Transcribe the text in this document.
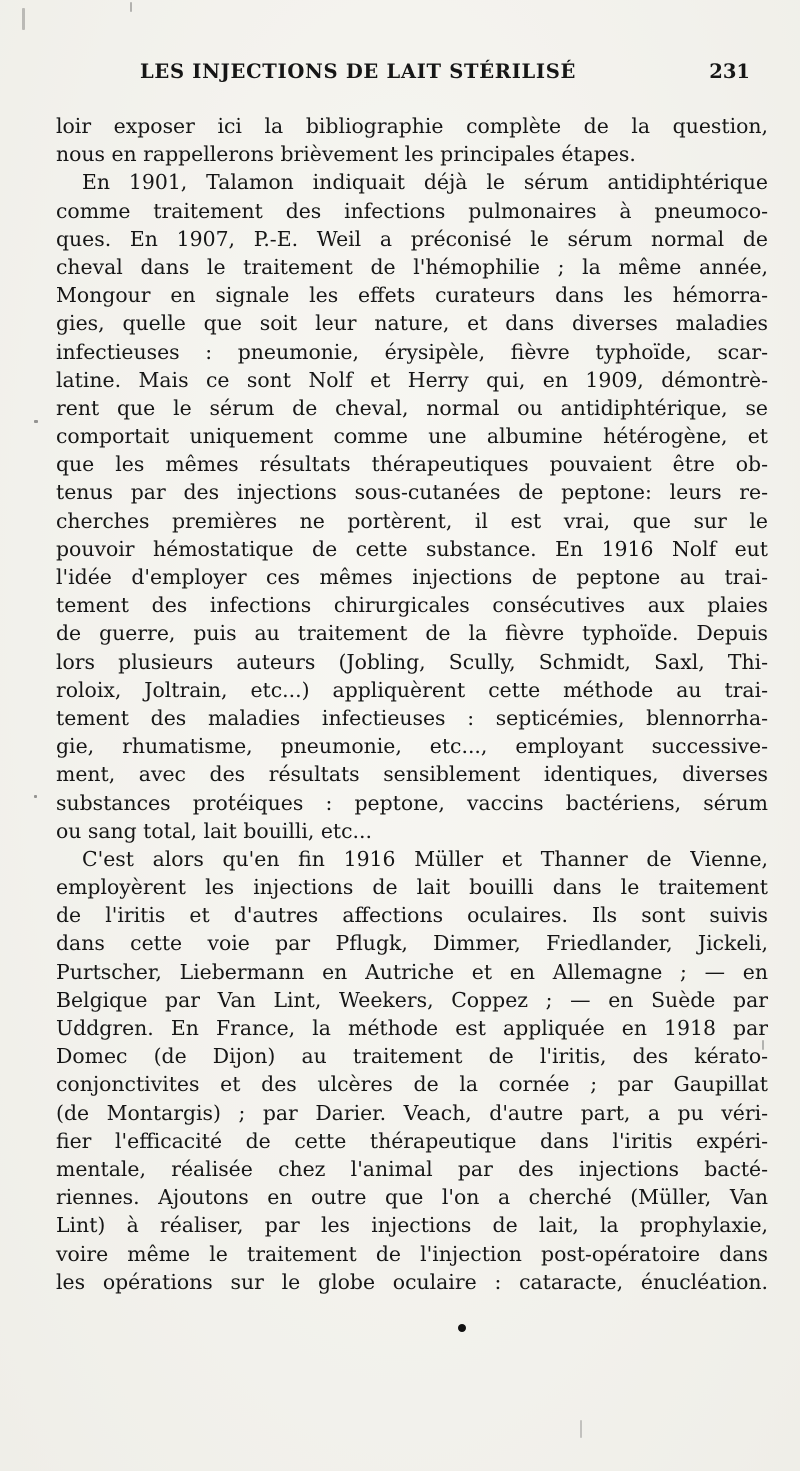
LES INJECTIONS DE LAIT STÉRILISÉ	231
loir exposer ici la bibliographie complète de la question,
nous en rappellerons brièvement les principales étapes.
En 1901, Talamon indiquait déjà le sérum antidiphtérique
comme traitement des infections pulmonaires à pneumoco-
ques. En 1907, P.-E. Weil a préconisé le sérum normal de
cheval dans le traitement de l'hémophilie ; la même année,
Mongour en signale les effets curateurs dans les hémorra-
gies, quelle que soit leur nature, et dans diverses maladies
infectieuses : pneumonie, érysipèle, fièvre typhoïde, scar-
latine. Mais ce sont Nolf et Herry qui, en 1909, démontrè-
rent que le sérum de cheval, normal ou antidiphtérique, se
comportait uniquement comme une albumine hétérogène, et
que les mêmes résultats thérapeutiques pouvaient être ob-
tenus par des injections sous-cutanées de peptone: leurs re-
cherches premières ne portèrent, il est vrai, que sur le
pouvoir hémostatique de cette substance. En 1916 Nolf eut
l'idée d'employer ces mêmes injections de peptone au trai-
tement des infections chirurgicales consécutives aux plaies
de guerre, puis au traitement de la fièvre typhoïde. Depuis
lors plusieurs auteurs (Jobling, Scully, Schmidt, Saxl, Thi-
roloix, Joltrain, etc...) appliquèrent cette méthode au trai-
tement des maladies infectieuses : septicémies, blennorrha-
gie, rhumatisme, pneumonie, etc..., employant successive-
ment, avec des résultats sensiblement identiques, diverses
substances protéiques : peptone, vaccins bactériens, sérum
ou sang total, lait bouilli, etc...
C'est alors qu'en fin 1916 Müller et Thanner de Vienne,
employèrent les injections de lait bouilli dans le traitement
de l'iritis et d'autres affections oculaires. Ils sont suivis
dans cette voie par Pflugk, Dimmer, Friedlander, Jickeli,
Purtscher, Liebermann en Autriche et en Allemagne ; — en
Belgique par Van Lint, Weekers, Coppez ; — en Suède par
Uddgren. En France, la méthode est appliquée en 1918 par
Domec (de Dijon) au traitement de l'iritis, des kérato-
conjonctivites et des ulcères de la cornée ; par Gaupillat
(de Montargis) ; par Darier. Veach, d'autre part, a pu véri-
fier l'efficacité de cette thérapeutique dans l'iritis expéri-
mentale, réalisée chez l'animal par des injections bacté-
riennes. Ajoutons en outre que l'on a cherché (Müller, Van
Lint) à réaliser, par les injections de lait, la prophylaxie,
voire même le traitement de l'injection post-opératoire dans
les opérations sur le globe oculaire : cataracte, énucléation.
